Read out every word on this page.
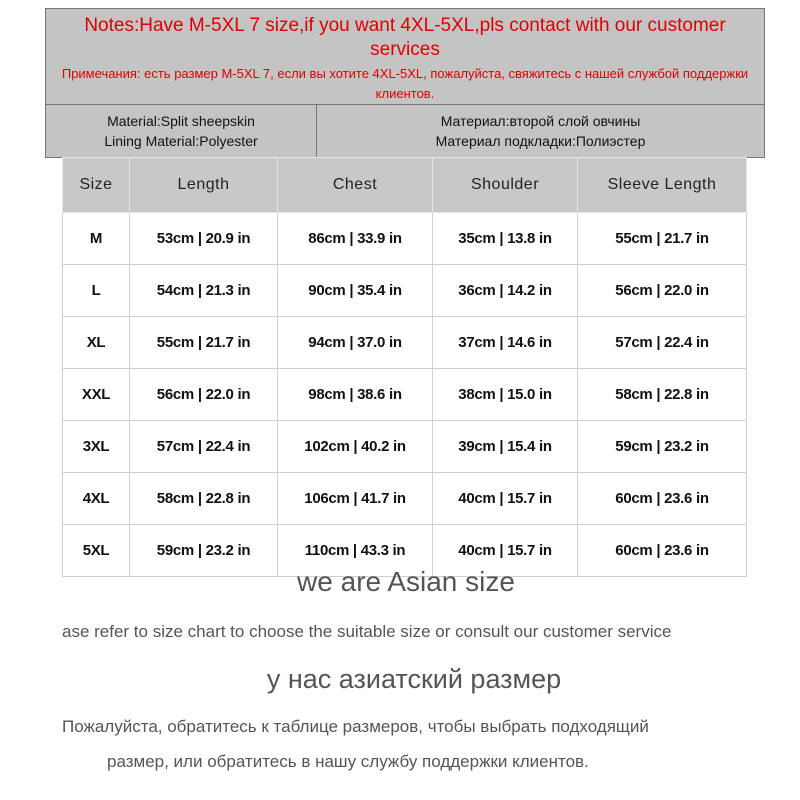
Notes:Have M-5XL 7 size,if you want 4XL-5XL,pls contact with our customer services
Примечания: есть размер M-5XL 7, если вы хотите 4XL-5XL, пожалуйста, свяжитесь с нашей службой поддержки клиентов.
Material:Split sheepskin
Lining Material:Polyester
Материал:второй слой овчины
Материал подкладки:Полиэстер
Size	Length	Chest	Shoulder	Sleeve Length
M	53cm | 20.9 in	86cm | 33.9 in	35cm | 13.8 in	55cm | 21.7 in
L	54cm | 21.3 in	90cm | 35.4 in	36cm | 14.2 in	56cm | 22.0 in
XL	55cm | 21.7 in	94cm | 37.0 in	37cm | 14.6 in	57cm | 22.4 in
XXL	56cm | 22.0 in	98cm | 38.6 in	38cm | 15.0 in	58cm | 22.8 in
3XL	57cm | 22.4 in	102cm | 40.2 in	39cm | 15.4 in	59cm | 23.2 in
4XL	58cm | 22.8 in	106cm | 41.7 in	40cm | 15.7 in	60cm | 23.6 in
5XL	59cm | 23.2 in	110cm | 43.3 in	40cm | 15.7 in	60cm | 23.6 in
we are Asian size
ase refer to size chart to choose the suitable size or consult our customer service
у нас азиатский размер
Пожалуйста, обратитесь к таблице размеров, чтобы выбрать подходящий
размер, или обратитесь в нашу службу поддержки клиентов.
